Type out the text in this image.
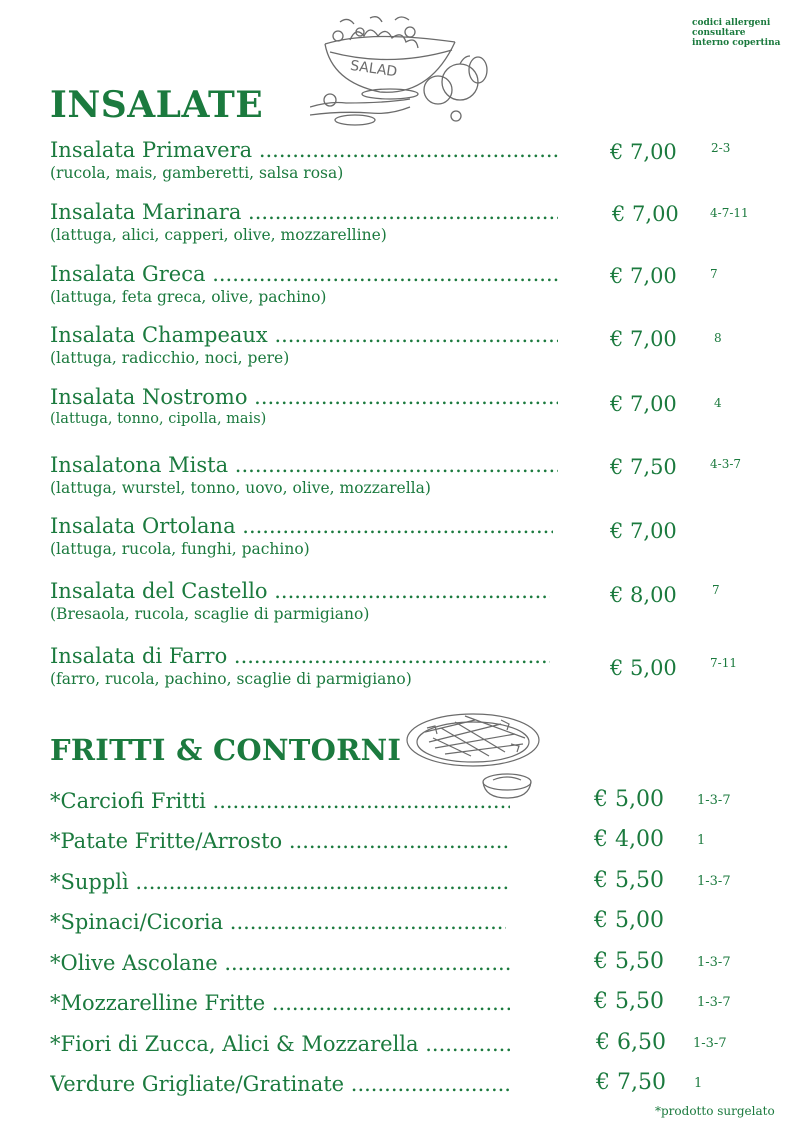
codici allergeni
consultare
interno copertina
SALAD
INSALATE
Insalata Primavera .....
(rucola, mais, gamberetti, salsa rosa)
€ 7,00	2-3
Insalata Marinara .....
(lattuga, alici, capperi, olive, mozzarelline)
€ 7,00	4-7-11
Insalata Greca .....
(lattuga, feta greca, olive, pachino)
€ 7,00	7
Insalata Champeaux .....
(lattuga, radicchio, noci, pere)
€ 7,00	8
Insalata Nostromo .....
(lattuga, tonno, cipolla, mais)
€ 7,00	4
Insalatona Mista .....
(lattuga, wurstel, tonno, uovo, olive, mozzarella)
€ 7,50	4-3-7
Insalata Ortolana .....
(lattuga, rucola, funghi, pachino)
€ 7,00
Insalata del Castello .....
(Bresaola, rucola, scaglie di parmigiano)
€ 8,00	7
Insalata di Farro .....
(farro, rucola, pachino, scaglie di parmigiano)	€ 5,00	7-11
FRITTI & CONTORNI
*Carciofi Fritti .....	€ 5,00	1-3-7
*Patate Fritte/Arrosto .....	€ 4,00	1
*Supplì .....	€ 5,50	1-3-7
*Spinaci/Cicoria .....	€ 5,00
*Olive Ascolane .....	€ 5,50	1-3-7
*Mozzarelline Fritte .....	€ 5,50	1-3-7
*Fiori di Zucca, Alici & Mozzarella .....	€ 6,50 1-3-7
Verdure Grigliate/Gratinate .....	€ 7,50 1
*prodotto surgelato
